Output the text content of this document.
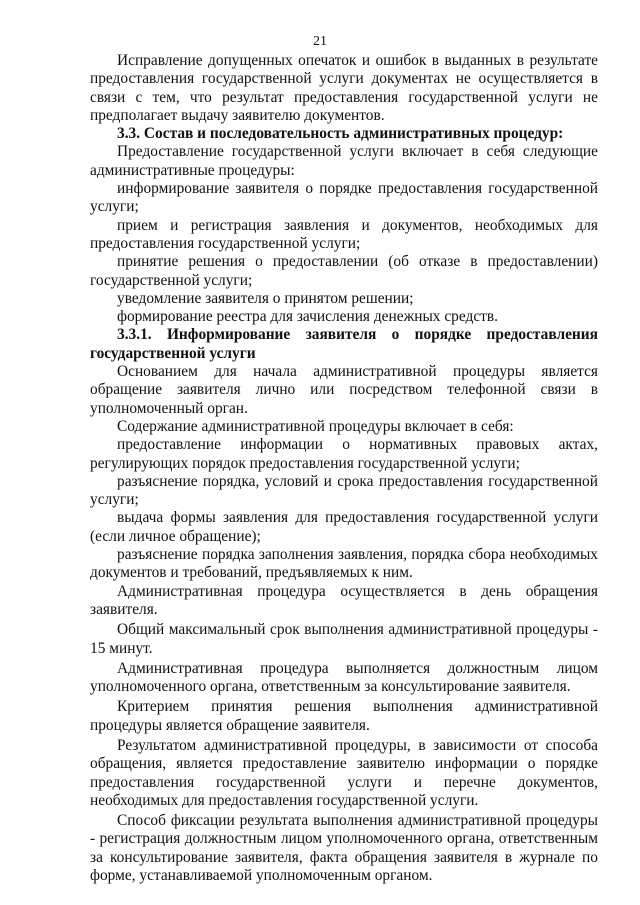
21

Исправление допущенных опечаток и ошибок в выданных в результате предоставления государственной услуги документах не осуществляется в связи с тем, что результат предоставления государственной услуги не предполагает выдачу заявителю документов.

3.3. Состав и последовательность административных процедур:

Предоставление государственной услуги включает в себя следующие административные процедуры:

информирование заявителя о порядке предоставления государственной услуги;

прием и регистрация заявления и документов, необходимых для предоставления государственной услуги;

принятие решения о предоставлении (об отказе в предоставлении) государственной услуги;

уведомление заявителя о принятом решении;

формирование реестра для зачисления денежных средств.

3.3.1. Информирование заявителя о порядке предоставления государственной услуги

Основанием для начала административной процедуры является обращение заявителя лично или посредством телефонной связи в уполномоченный орган.

Содержание административной процедуры включает в себя:

предоставление информации о нормативных правовых актах, регулирующих порядок предоставления государственной услуги;

разъяснение порядка, условий и срока предоставления государственной услуги;

выдача формы заявления для предоставления государственной услуги (если личное обращение);

разъяснение порядка заполнения заявления, порядка сбора необходимых документов и требований, предъявляемых к ним.

Административная процедура осуществляется в день обращения заявителя.

Общий максимальный срок выполнения административной процедуры - 15 минут.

Административная процедура выполняется должностным лицом уполномоченного органа, ответственным за консультирование заявителя.

Критерием принятия решения выполнения административной процедуры является обращение заявителя.

Результатом административной процедуры, в зависимости от способа обращения, является предоставление заявителю информации о порядке предоставления государственной услуги и перечне документов, необходимых для предоставления государственной услуги.

Способ фиксации результата выполнения административной процедуры - регистрация должностным лицом уполномоченного органа, ответственным за консультирование заявителя, факта обращения заявителя в журнале по форме, устанавливаемой уполномоченным органом.
